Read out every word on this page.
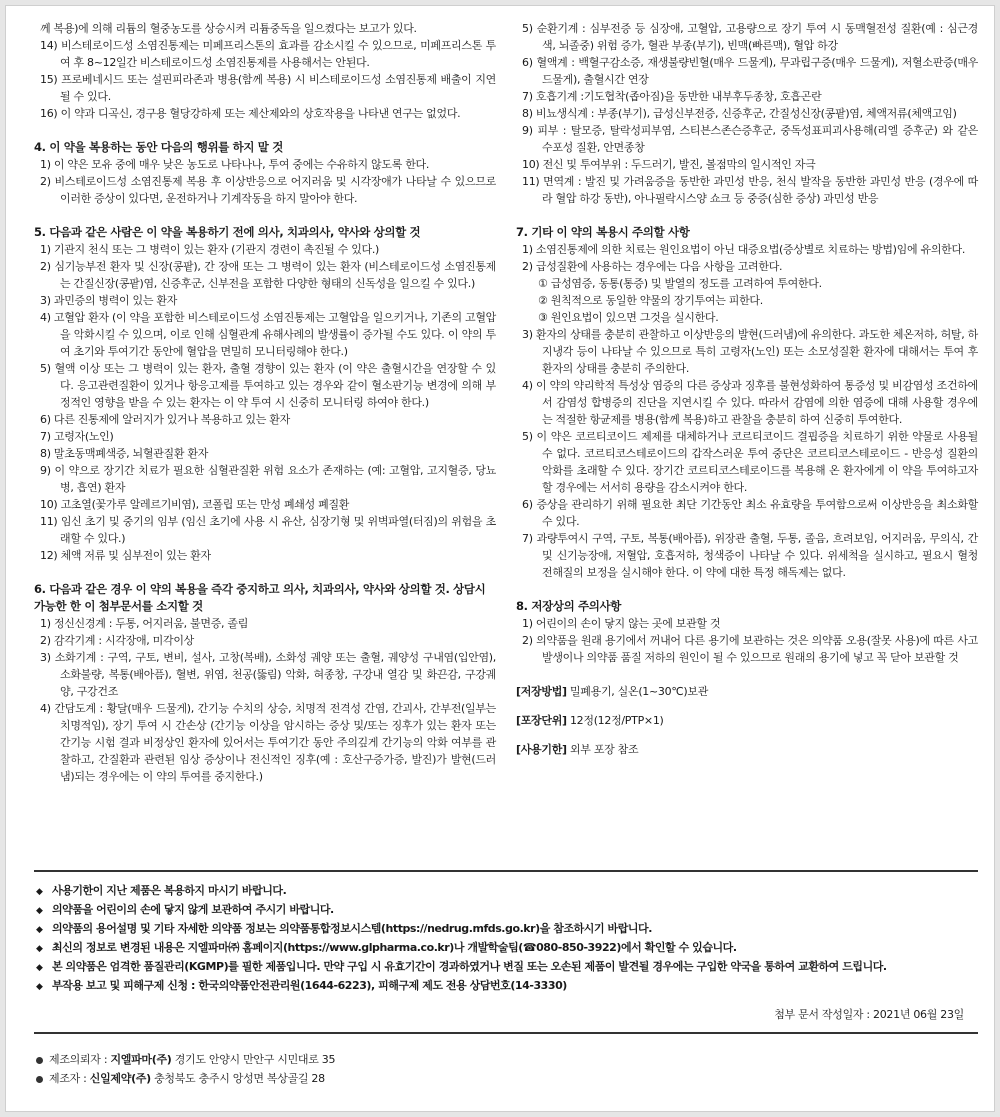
께 복용)에 의해 리튬의 혈중농도를 상승시켜 리튬중독을 일으켰다는 보고가 있다.
14) 비스테로이드성 소염진통제는 미페프리스톤의 효과를 감소시킬 수 있으므로, 미페프리스톤 투여 후 8~12일간 비스테로이드성 소염진통제를 사용해서는 안된다.
15) 프로베네시드 또는 설핀피라존과 병용(함께 복용) 시 비스테로이드성 소염진통제 배출이 지연될 수 있다.
16) 이 약과 디곡신, 경구용 혈당강하제 또는 제산제와의 상호작용을 나타낸 연구는 없었다.

4. 이 약을 복용하는 동안 다음의 행위를 하지 말 것

1) 이 약은 모유 중에 매우 낮은 농도로 나타나나, 투여 중에는 수유하지 않도록 한다.
2) 비스테로이드성 소염진통제 복용 후 이상반응으로 어지러움 및 시각장애가 나타날 수 있으므로 이러한 증상이 있다면, 운전하거나 기계작동을 하지 말아야 한다.

5. 다음과 같은 사람은 이 약을 복용하기 전에 의사, 치과의사, 약사와 상의할 것

1) 기관지 천식 또는 그 병력이 있는 환자 (기관지 경련이 촉진될 수 있다.)
2) 심기능부전 환자 및 신장(콩팥), 간 장애 또는 그 병력이 있는 환자 (비스테로이드성 소염진통제는 간질신장(콩팥)염, 신증후군, 신부전을 포함한 다양한 형태의 신독성을 일으킬 수 있다.)
3) 과민증의 병력이 있는 환자
4) 고혈압 환자 (이 약을 포함한 비스테로이드성 소염진통제는 고혈압을 일으키거나, 기존의 고혈압을 악화시킬 수 있으며, 이로 인해 심혈관계 유해사례의 발생률이 증가될 수도 있다. 이 약의 투여 초기와 투여기간 동안에 혈압을 면밀히 모니터링해야 한다.)
5) 혈액 이상 또는 그 병력이 있는 환자, 출혈 경향이 있는 환자 (이 약은 출혈시간을 연장할 수 있다. 응고관련질환이 있거나 항응고제를 투여하고 있는 경우와 같이 혈소판기능 변경에 의해 부정적인 영향을 받을 수 있는 환자는 이 약 투여 시 신중히 모니터링 하여야 한다.)
6) 다른 진통제에 알러지가 있거나 복용하고 있는 환자
7) 고령자(노인)
8) 말초동맥폐색증, 뇌혈관질환 환자
9) 이 약으로 장기간 치료가 필요한 심혈관질환 위험 요소가 존재하는 (예: 고혈압, 고지혈증, 당뇨병, 흡연) 환자
10) 고초열(꽃가루 알레르기비염), 코폴립 또는 만성 폐쇄성 폐질환
11) 임신 초기 및 중기의 임부 (임신 초기에 사용 시 유산, 심장기형 및 위벽파열(터짐)의 위험을 초래할 수 있다.)
12) 체액 저류 및 심부전이 있는 환자

6. 다음과 같은 경우 이 약의 복용을 즉각 중지하고 의사, 치과의사, 약사와 상의할 것. 상담시 가능한 한 이 첨부문서를 소지할 것

1) 정신신경계 : 두통, 어지러움, 불면증, 졸림
2) 감각기계 : 시각장애, 미각이상
3) 소화기계 : 구역, 구토, 변비, 설사, 고창(복배), 소화성 궤양 또는 출혈, 궤양성 구내염(입안염), 소화불량, 복통(배아픔), 혈변, 위염, 천공(뚫림) 악화, 혀종창, 구강내 열감 및 화끈감, 구강궤양, 구강건조
4) 간담도계 : 황달(매우 드물게), 간기능 수치의 상승, 치명적 전격성 간염, 간괴사, 간부전(일부는 치명적임), 장기 투여 시 간손상 (간기능 이상을 암시하는 증상 및/또는 징후가 있는 환자 또는 간기능 시험 결과 비정상인 환자에 있어서는 투여기간 동안 주의깊게 간기능의 악화 여부를 관찰하고, 간질환과 관련된 임상 증상이나 전신적인 징후(예 : 호산구증가증, 발진)가 발현(드러냄)되는 경우에는 이 약의 투여를 중지한다.)
5) 순환기계 : 심부전증 등 심장애, 고혈압, 고용량으로 장기 투여 시 동맥혈전성 질환(예 : 심근경색, 뇌졸중) 위험 증가, 혈관 부종(부기), 빈맥(빠른맥), 혈압 하강
6) 혈액계 : 백혈구감소증, 재생불량빈혈(매우 드물게), 무과립구증(매우 드물게), 저혈소판증(매우 드물게), 출혈시간 연장
7) 호흡기계 :기도협착(좁아짐)을 동반한 내부후두종창, 호흡곤란
8) 비뇨생식계 : 부종(부기), 급성신부전증, 신증후군, 간질성신장(콩팥)염, 체액저류(체액고임)
9) 피부 : 탈모증, 탈락성피부염, 스티븐스존슨증후군, 중독성표피괴사용해(리엘 증후군) 와 같은 수포성 질환, 안면종창
10) 전신 및 투여부위 : 두드러기, 발진, 볼점막의 일시적인 자극
11) 면역계 : 발진 및 가려움증을 동반한 과민성 반응, 천식 발작을 동반한 과민성 반응 (경우에 따라 혈압 하강 동반), 아나필락시스양 쇼크 등 중증(심한 증상) 과민성 반응

7. 기타 이 약의 복용시 주의할 사항

1) 소염진통제에 의한 치료는 원인요법이 아닌 대증요법(증상별로 치료하는 방법)임에 유의한다.
2) 급성질환에 사용하는 경우에는 다음 사항을 고려한다.
① 급성염증, 동통(통증) 및 발열의 정도를 고려하여 투여한다.
② 원칙적으로 동일한 약물의 장기투여는 피한다.
③ 원인요법이 있으면 그것을 실시한다.
3) 환자의 상태를 충분히 관찰하고 이상반응의 발현(드러냄)에 유의한다. 과도한 체온저하, 허탈, 하지냉각 등이 나타날 수 있으므로 특히 고령자(노인) 또는 소모성질환 환자에 대해서는 투여 후 환자의 상태를 충분히 주의한다.
4) 이 약의 약리학적 특성상 염증의 다른 증상과 징후를 불현성화하여 통증성 및 비감염성 조건하에서 감염성 합병증의 진단을 지연시킬 수 있다. 따라서 감염에 의한 염증에 대해 사용할 경우에는 적절한 항균제를 병용(함께 복용)하고 관찰을 충분히 하여 신중히 투여한다.
5) 이 약은 코르티코이드 제제를 대체하거나 코르티코이드 결핍증을 치료하기 위한 약물로 사용될 수 없다. 코르티코스테로이드의 갑작스러운 투여 중단은 코르티코스테로이드 - 반응성 질환의 악화를 초래할 수 있다. 장기간 코르티코스테로이드를 복용해 온 환자에게 이 약을 투여하고자 할 경우에는 서서히 용량을 감소시켜야 한다.
6) 증상을 관리하기 위해 필요한 최단 기간동안 최소 유효량을 투여함으로써 이상반응을 최소화할 수 있다.
7) 과량투여시 구역, 구토, 복통(배아픔), 위장관 출혈, 두통, 졸음, 흐려보임, 어지러움, 무의식, 간 및 신기능장애, 저혈압, 호흡저하, 청색증이 나타날 수 있다. 위세척을 실시하고, 필요시 혈청 전해질의 보정을 실시해야 한다. 이 약에 대한 특정 해독제는 없다.

8. 저장상의 주의사항

1) 어린이의 손이 닿지 않는 곳에 보관할 것
2) 의약품을 원래 용기에서 꺼내어 다른 용기에 보관하는 것은 의약품 오용(잘못 사용)에 따른 사고 발생이나 의약품 품질 저하의 원인이 될 수 있으므로 원래의 용기에 넣고 꼭 닫아 보관할 것
[저장방법] 밀폐용기, 실온(1~30℃)보관
[포장단위] 12정(12정/PTP×1)
[사용기한] 외부 포장 참조
◆ 사용기한이 지난 제품은 복용하지 마시기 바랍니다.
◆ 의약품을 어린이의 손에 닿지 않게 보관하여 주시기 바랍니다.
◆ 의약품의 용어설명 및 기타 자세한 의약품 정보는 의약품통합정보시스템(https://nedrug.mfds.go.kr)을 참조하시기 바랍니다.
◆ 최신의 정보로 변경된 내용은 지엘파마㈜ 홈페이지(https://www.glpharma.co.kr)나 개발학술팀(☎080-850-3922)에서 확인할 수 있습니다.
◆ 본 의약품은 엄격한 품질관리(KGMP)를 필한 제품입니다. 만약 구입 시 유효기간이 경과하였거나 변질 또는 오손된 제품이 발견될 경우에는 구입한 약국을 통하여 교환하여 드립니다.
◆ 부작용 보고 및 피해구제 신청 : 한국의약품안전관리원(1644-6223), 피해구제 제도 전용 상담번호(14-3330)
첨부 문서 작성일자 : 2021년 06월 23일
제조의뢰자 : 지엘파마(주) 경기도 안양시 만안구 시민대로 35
제조자 : 신일제약(주) 충청북도 충주시 앙성면 복상골길 28
